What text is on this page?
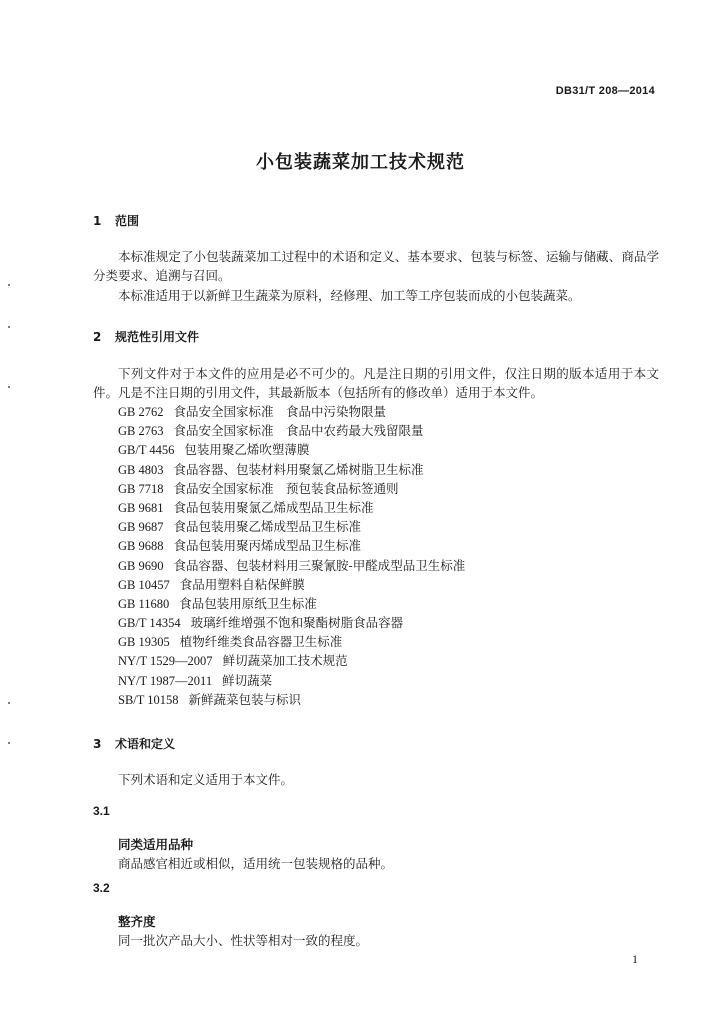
DB31/T 208—2014
小包装蔬菜加工技术规范
1 范围

本标准规定了小包装蔬菜加工过程中的术语和定义、基本要求、包装与标签、运输与储藏、商品学分类要求、追溯与召回。

本标准适用于以新鲜卫生蔬菜为原料，经修理、加工等工序包装而成的小包装蔬菜。

2 规范性引用文件

下列文件对于本文件的应用是必不可少的。凡是注日期的引用文件，仅注日期的版本适用于本文件。凡是不注日期的引用文件，其最新版本（包括所有的修改单）适用于本文件。

GB 2762 食品安全国家标准　食品中污染物限量
GB 2763 食品安全国家标准　食品中农药最大残留限量
GB/T 4456 包装用聚乙烯吹塑薄膜
GB 4803 食品容器、包装材料用聚氯乙烯树脂卫生标准
GB 7718 食品安全国家标准　预包装食品标签通则
GB 9681 食品包装用聚氯乙烯成型品卫生标准
GB 9687 食品包装用聚乙烯成型品卫生标准
GB 9688 食品包装用聚丙烯成型品卫生标准
GB 9690 食品容器、包装材料用三聚氰胺-甲醛成型品卫生标准
GB 10457 食品用塑料自粘保鲜膜
GB 11680 食品包装用原纸卫生标准
GB/T 14354 玻璃纤维增强不饱和聚酯树脂食品容器
GB 19305 植物纤维类食品容器卫生标准
NY/T 1529—2007 鲜切蔬菜加工技术规范
NY/T 1987—2011 鲜切蔬菜
SB/T 10158 新鲜蔬菜包装与标识
3 术语和定义

下列术语和定义适用于本文件。

3.1
同类适用品种
商品感官相近或相似，适用统一包装规格的品种。
3.2
整齐度
同一批次产品大小、性状等相对一致的程度。
1
